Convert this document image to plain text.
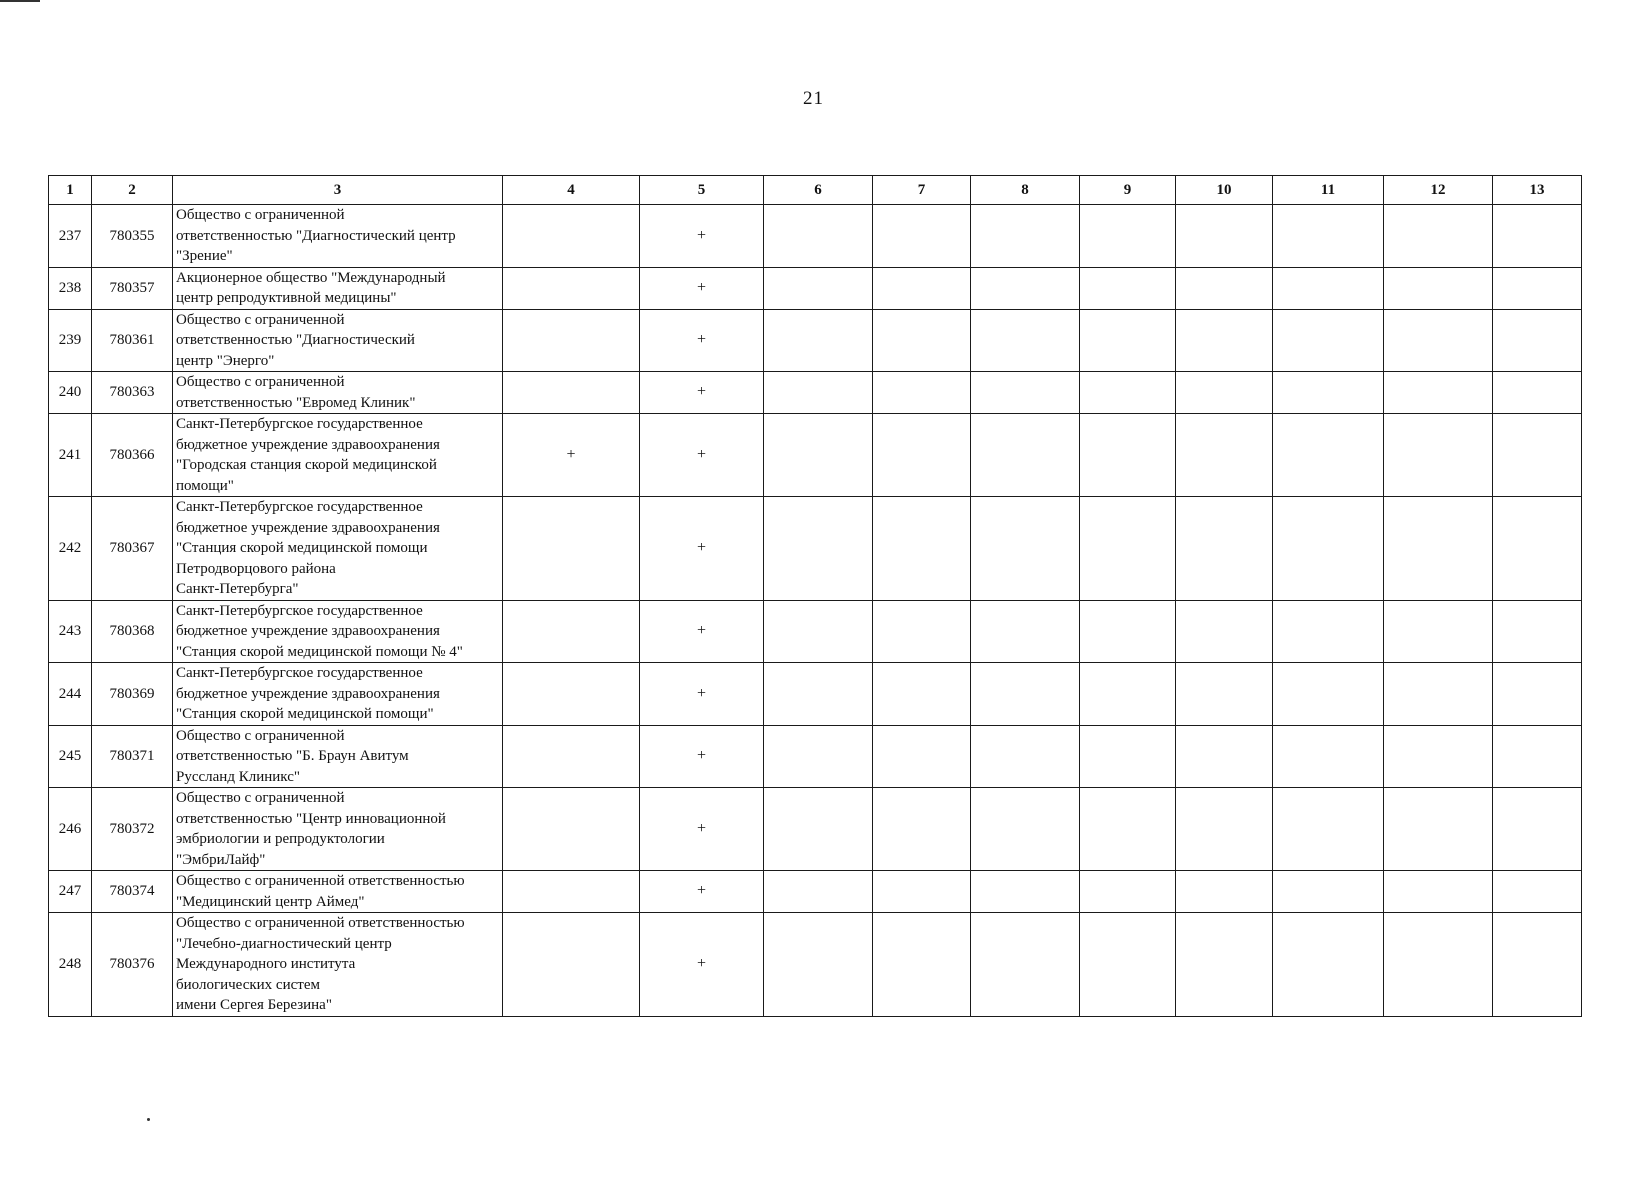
21
1	2	3	4	5	6	7	8	9	10	11	12	13
237	780355	Общество с ограниченной
ответственностью "Диагностический центр
"Зрение"		+								
238	780357	Акционерное общество "Международный
центр репродуктивной медицины"		+								
239	780361	Общество с ограниченной
ответственностью "Диагностический
центр "Энерго"		+								
240	780363	Общество с ограниченной
ответственностью "Евромед Клиник"		+								
241	780366	Санкт-Петербургское государственное
бюджетное учреждение здравоохранения
"Городская станция скорой медицинской
помощи"	+	+								
242	780367	Санкт-Петербургское государственное
бюджетное учреждение здравоохранения
"Станция скорой медицинской помощи
Петродворцового района
Санкт-Петербурга"		+								
243	780368	Санкт-Петербургское государственное
бюджетное учреждение здравоохранения
"Станция скорой медицинской помощи № 4"		+								
244	780369	Санкт-Петербургское государственное
бюджетное учреждение здравоохранения
"Станция скорой медицинской помощи"		+								
245	780371	Общество с ограниченной
ответственностью "Б. Браун Авитум
Руссланд Клиникс"		+								
246	780372	Общество с ограниченной
ответственностью "Центр инновационной
эмбриологии и репродуктологии
"ЭмбриЛайф"		+								
247	780374	Общество с ограниченной ответственностью
"Медицинский центр Аймед"		+								
248	780376	Общество с ограниченной ответственностью
"Лечебно-диагностический центр
Международного института
биологических систем
имени Сергея Березина"		+								
